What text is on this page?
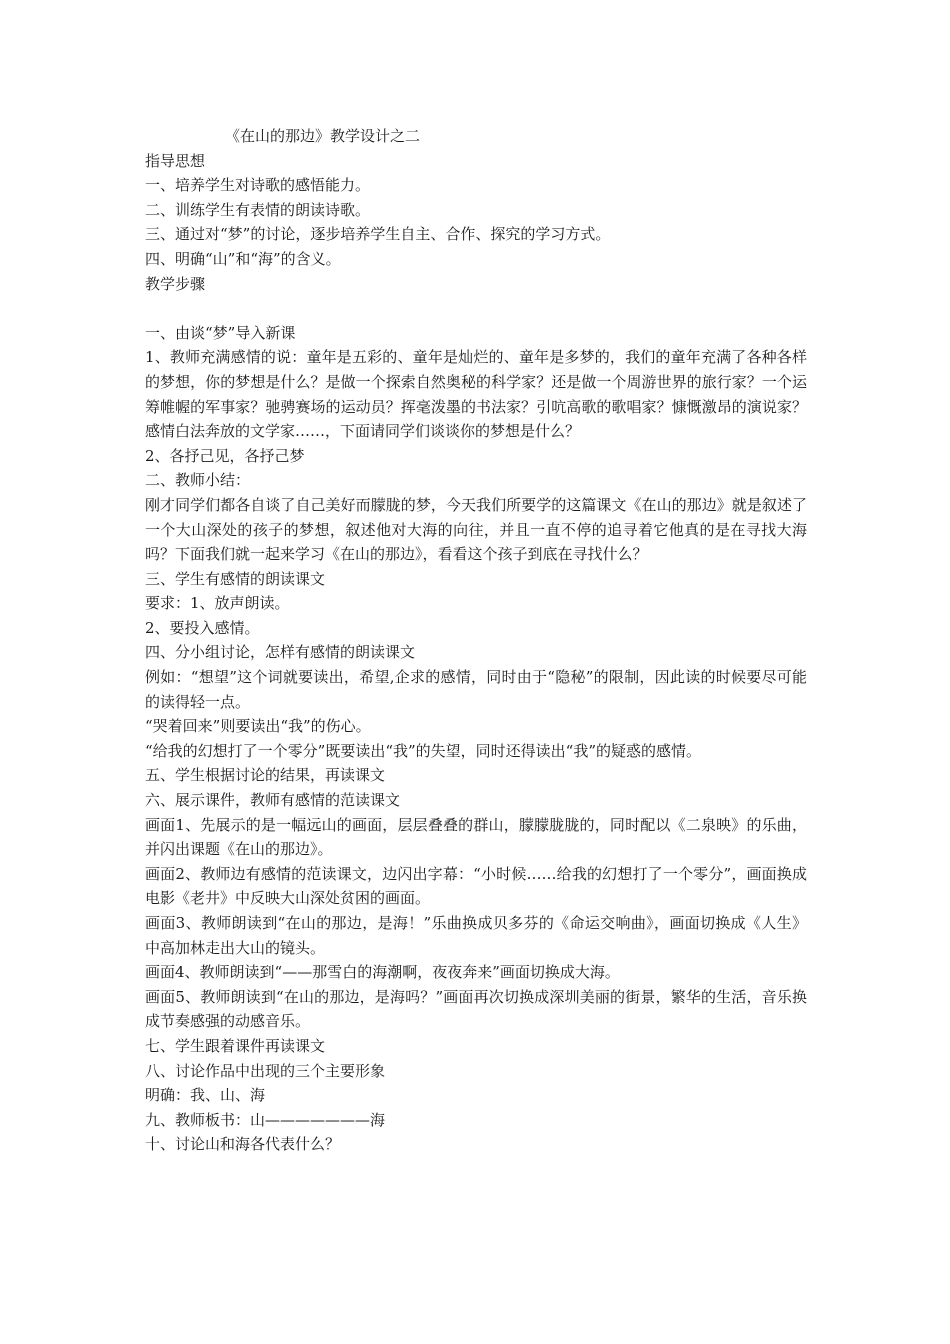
《在山的那边》教学设计之二

指导思想

一、培养学生对诗歌的感悟能力。

二、训练学生有表情的朗读诗歌。

三、通过对“梦”的讨论，逐步培养学生自主、合作、探究的学习方式。

四、明确“山”和“海”的含义。

教学步骤

一、由谈“梦”导入新课

1、教师充满感情的说：童年是五彩的、童年是灿烂的、童年是多梦的，我们的童年充满了各种各样的梦想，你的梦想是什么？是做一个探索自然奥秘的科学家？还是做一个周游世界的旅行家？一个运筹帷幄的军事家？驰骋赛场的运动员？挥毫泼墨的书法家？引吭高歌的歌唱家？慷慨激昂的演说家？感情白法奔放的文学家……，下面请同学们谈谈你的梦想是什么？

2、各抒己见，各抒己梦

二、教师小结：

刚才同学们都各自谈了自己美好而朦胧的梦，今天我们所要学的这篇课文《在山的那边》就是叙述了一个大山深处的孩子的梦想，叙述他对大海的向往，并且一直不停的追寻着它他真的是在寻找大海吗？下面我们就一起来学习《在山的那边》，看看这个孩子到底在寻找什么？

三、学生有感情的朗读课文

要求：1、放声朗读。

2、要投入感情。

四、分小组讨论，怎样有感情的朗读课文

例如：“想望”这个词就要读出，希望,企求的感情，同时由于“隐秘”的限制，因此读的时候要尽可能的读得轻一点。

“哭着回来”则要读出“我”的伤心。

“给我的幻想打了一个零分”既要读出“我”的失望，同时还得读出“我”的疑惑的感情。

五、学生根据讨论的结果，再读课文

六、展示课件，教师有感情的范读课文

画面1、先展示的是一幅远山的画面，层层叠叠的群山，朦朦胧胧的，同时配以《二泉映》的乐曲，并闪出课题《在山的那边》。

画面2、教师边有感情的范读课文，边闪出字幕：“小时候……给我的幻想打了一个零分”，画面换成电影《老井》中反映大山深处贫困的画面。

画面3、教师朗读到“在山的那边，是海！”乐曲换成贝多芬的《命运交响曲》，画面切换成《人生》中高加林走出大山的镜头。

画面4、教师朗读到“——那雪白的海潮啊，夜夜奔来”画面切换成大海。

画面5、教师朗读到“在山的那边，是海吗？”画面再次切换成深圳美丽的街景，繁华的生活，音乐换成节奏感强的动感音乐。

七、学生跟着课件再读课文

八、讨论作品中出现的三个主要形象

明确：我、山、海

九、教师板书：山———————海

十、讨论山和海各代表什么？
